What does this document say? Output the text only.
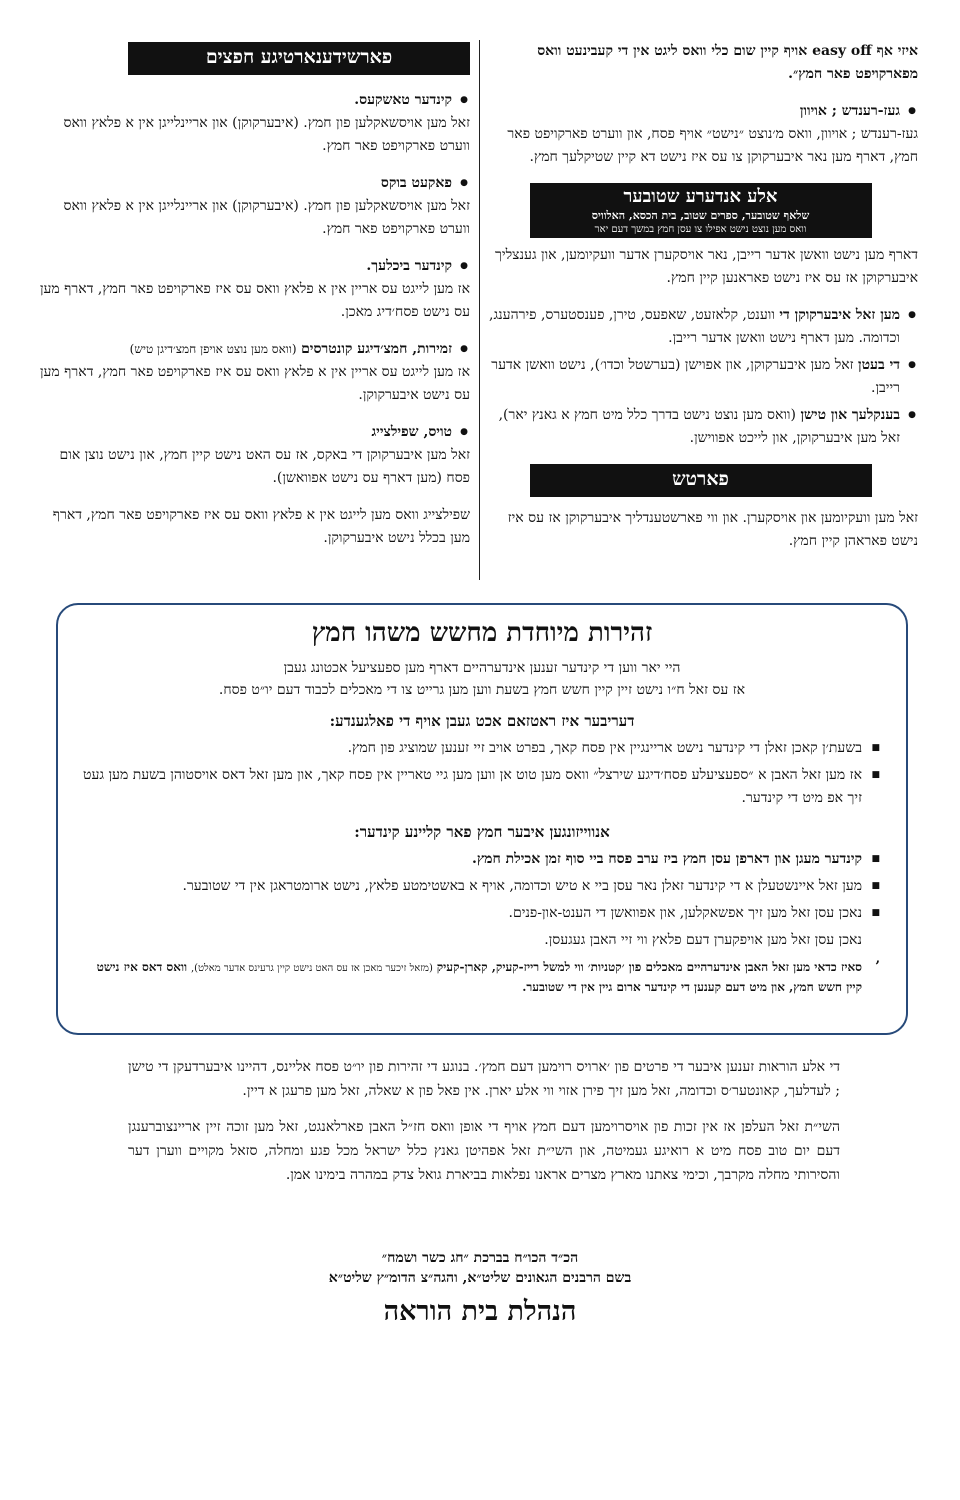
איזי אף easy off אויף קיין שום כלי וואס ליגט אין די קעבינעט וואס מפארקויפט פאר חמץ״.
● געז-רענדש ; אויוון
געז-רענדש ; אויוון, וואס מ׳נוצט ״נישט״ אויף פסח, און ווערט פארקויפט פאר חמץ, דארף מען נאר איבערקוקן צו עס איז נישט דא קיין שטיקלעך חמץ.
אלע אנדערע שטובער
שלאף שטובער, ספרים שטוב, בית הכסא, האלוויס
וואס מען נוצט נישט אפילו צו עסן חמץ במשך דעם יאר
דארף מען נישט וואשן אדער רייבן, נאר אויסקערן אדער וועקיומען, און גענצליך איבערקוקן אז עס איז נישט פאראנען קיין חמץ.
● מען זאל איבערקוקן די ווענט, קלאזעט, שאפעס, טירן, פענסטערס, פירהענג, וכדומה. מען דארף נישט וואשן אדער רייבן.
● די בעטן זאל מען איבערקוקן, און אפוישן (בערשטל וכדו׳), נישט וואשן אדער רייבן.
● בענקלעך און טישן (וואס מען נוצט נישט בדרך כלל מיט חמץ א גאנץ יאר), זאל מען איבערקוקן, און לייכט אפווישן.
פארטש
זאל מען וועקיומען און אויסקערן. און ווי פארשטענדליך איבערקוקן אז עס איז נישט פאראהן קיין חמץ.
פארשידענארטיגע חפצים
● קינדער טאשקעס.
זאל מען אויסשאקלען פון חמץ. (איבערקוקן) און אריינלייגן אין א פלאץ וואס ווערט פארקויפט פאר חמץ.
● פאקעט בוקס
זאל מען אויסשאקלען פון חמץ. (איבערקוקן) און אריינלייגן אין א פלאץ וואס ווערט פארקויפט פאר חמץ.
● קינדער ביכלעך.
אז מען לייגט עס אריין אין א פלאץ וואס עס איז פארקויפט פאר חמץ, דארף מען עס נישט פסח׳דיג מאכן.
● זמירות, חמצ׳דיגע קונטרסים (וואס מען נוצט אויפן חמצ׳דיגן טיש)
אז מען לייגט עס אריין אין א פלאץ וואס עס איז פארקויפט פאר חמץ, דארף מען עס נישט איבערקוקן.
● טויס, שפילצייג
זאל מען איבערקוקן די באקס, אז עס האט נישט קיין חמץ, און נישט נוצן אום פסח (מען דארף עס נישט אפוואשן).
שפילצייג וואס מען לייגט אין א פלאץ וואס עס איז פארקויפט פאר חמץ, דארף מען בכלל נישט איבערקוקן.
זהירות מיוחדת מחשש משהו חמץ
היי יאר ווען די קינדער זענען אינדערהיים דארף מען ספעציעל אכטונג געבן
אז עס זאל ח״ו נישט זיין קיין חשש חמץ בשעת ווען מען גרייט צו די מאכלים לכבוד דעם יו״ט פסח.
דעריבער איז ראטזאם אכט געבן אויף די פאלגענדע:
■ בשעת׳ן קאכן זאלן די קינדער נישט אריינגיין אין פסח קאך, בפרט אויב זיי זענען שמוציג פון חמץ.
■ אז מען זאל האבן א ״ספעציעלע פסח׳דיגע שירצל״ וואס מען טוט אן ווען מען גיי טאריין אין פסח קאך, און מען זאל דאס אויסטוהן בשעת מען געט זיך אפ מיט די קינדער.
אנווייזונגען איבער חמץ פאר קליינע קינדער:
■ קינדער מעגן און דארפן עסן חמץ ביז ערב פסח ביי סוף זמן אכילת חמץ.
■ מען זאל איינשטעלן א די קינדער זאלן נאר עסן ביי א טיש וכדומה, אויף א באשטימטע פלאץ, נישט ארומטראגן אין די שטובער.
■ נאכן עסן זאל מען זיך אפשאקלען, און אפוואשן די הענט-און-פנים.
נאכן עסן זאל מען אויפקערן דעם פלאץ ווי זיי האבן געגעסן.
’ סאיז כדאי מען זאל האבן אינדערהיים מאכלים פון ׳קטניות׳ ווי למשל רייז-קעיק, קארן-קעיק (מזאל זיכער מאכן אז עס האט נישט קיין גרעינס אדער מאלט), וואס דאס איז נישט קיין חשש חמץ, און מיט דעם קענען די קינדער ארום גיין אין די שטובער.
די אלע הוראות זענען איבער די פרטים פון ׳ארויס רוימען דעם חמץ׳. בנוגע די זהירות פון יו״ט פסח אליינס, דהיינו איבערדעקן די טישן ; לעדלעך, קאונטער׳ס וכדומה, זאל מען זיך פירן אזוי ווי אלע יארן. אין פאל פון א שאלה, זאל מען פרעגן א דיין.
השי״ת זאל העלפן אז אין זכות פון אויסרוימען דעם חמץ אויף די אופן וואס חז״ל האבן פארלאנגט, זאל מען זוכה זיין אריינצוברענגן דעם יום טוב פסח מיט א רואיגע געמיטה, און השי״ת זאל אפהיטן גאנץ כלל ישראל מכל פגע ומחלה, סזאל מקויים ווערן דער והסירותי מחלה מקרבך, וכימי צאתנו מארץ מצרים אראנו נפלאות בביארת גואל צדק במהרה בימינו אמן.
הכ״ד הכו״ח בברכת ״חג כשר ושמח״
בשם הרבנים הגאונים שליט״א, והגה״צ הדומ״ץ שליט״א
הנהלת בית הוראה
